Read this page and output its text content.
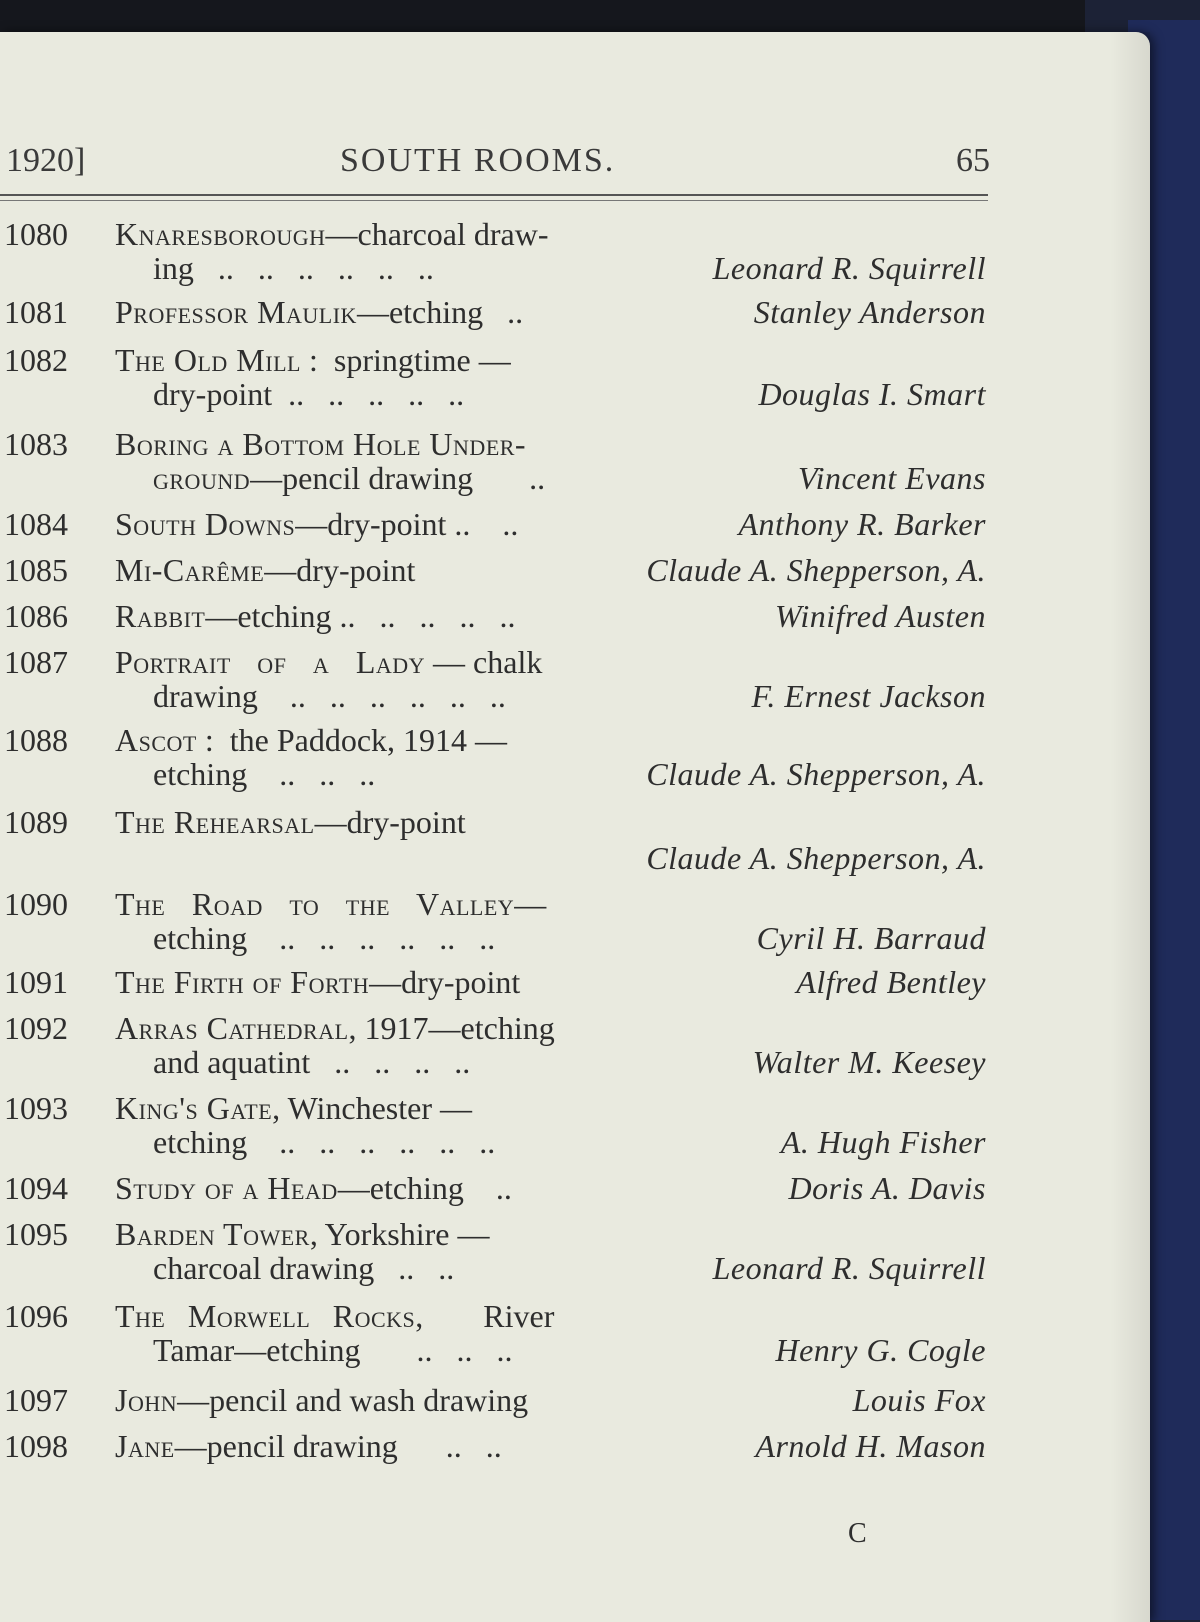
1920]	SOUTH ROOMS.	65
1080	Knaresborough—charcoal draw-
ing   ..   ..   ..   ..   ..   ..	Leonard R. Squirrell
1081	Professor Maulik—etching   ..	Stanley Anderson
1082	The Old Mill :  springtime —
dry-point  ..   ..   ..   ..   ..	Douglas I. Smart
1083	Boring a Bottom Hole Under-
ground—pencil drawing       ..	Vincent Evans
1084	South Downs—dry-point ..    ..	Anthony R. Barker
1085	Mi-Carême—dry-point	Claude A. Shepperson, A.
1086	Rabbit—etching ..   ..   ..   ..   ..	Winifred Austen
1087	Portrait of a Lady — chalk
drawing    ..   ..   ..   ..   ..   ..	F. Ernest Jackson
1088	Ascot :  the Paddock, 1914 —
etching    ..   ..   ..	Claude A. Shepperson, A.
1089	The Rehearsal—dry-point
Claude A. Shepperson, A.
1090	The Road to the Valley—
etching    ..   ..   ..   ..   ..   ..	Cyril H. Barraud
1091	The Firth of Forth—dry-point	Alfred Bentley
1092	Arras Cathedral, 1917—etching
and aquatint   ..   ..   ..   ..	Walter M. Keesey
1093	King's Gate, Winchester —
etching    ..   ..   ..   ..   ..   ..	A. Hugh Fisher
1094	Study of a Head—etching    ..	Doris A. Davis
1095	Barden Tower, Yorkshire —
charcoal drawing   ..   ..	Leonard R. Squirrell
1096	The Morwell Rocks,  River
Tamar—etching       ..   ..   ..	Henry G. Cogle
1097	John—pencil and wash drawing	Louis Fox
1098	Jane—pencil drawing      ..   ..	Arnold H. Mason
C
